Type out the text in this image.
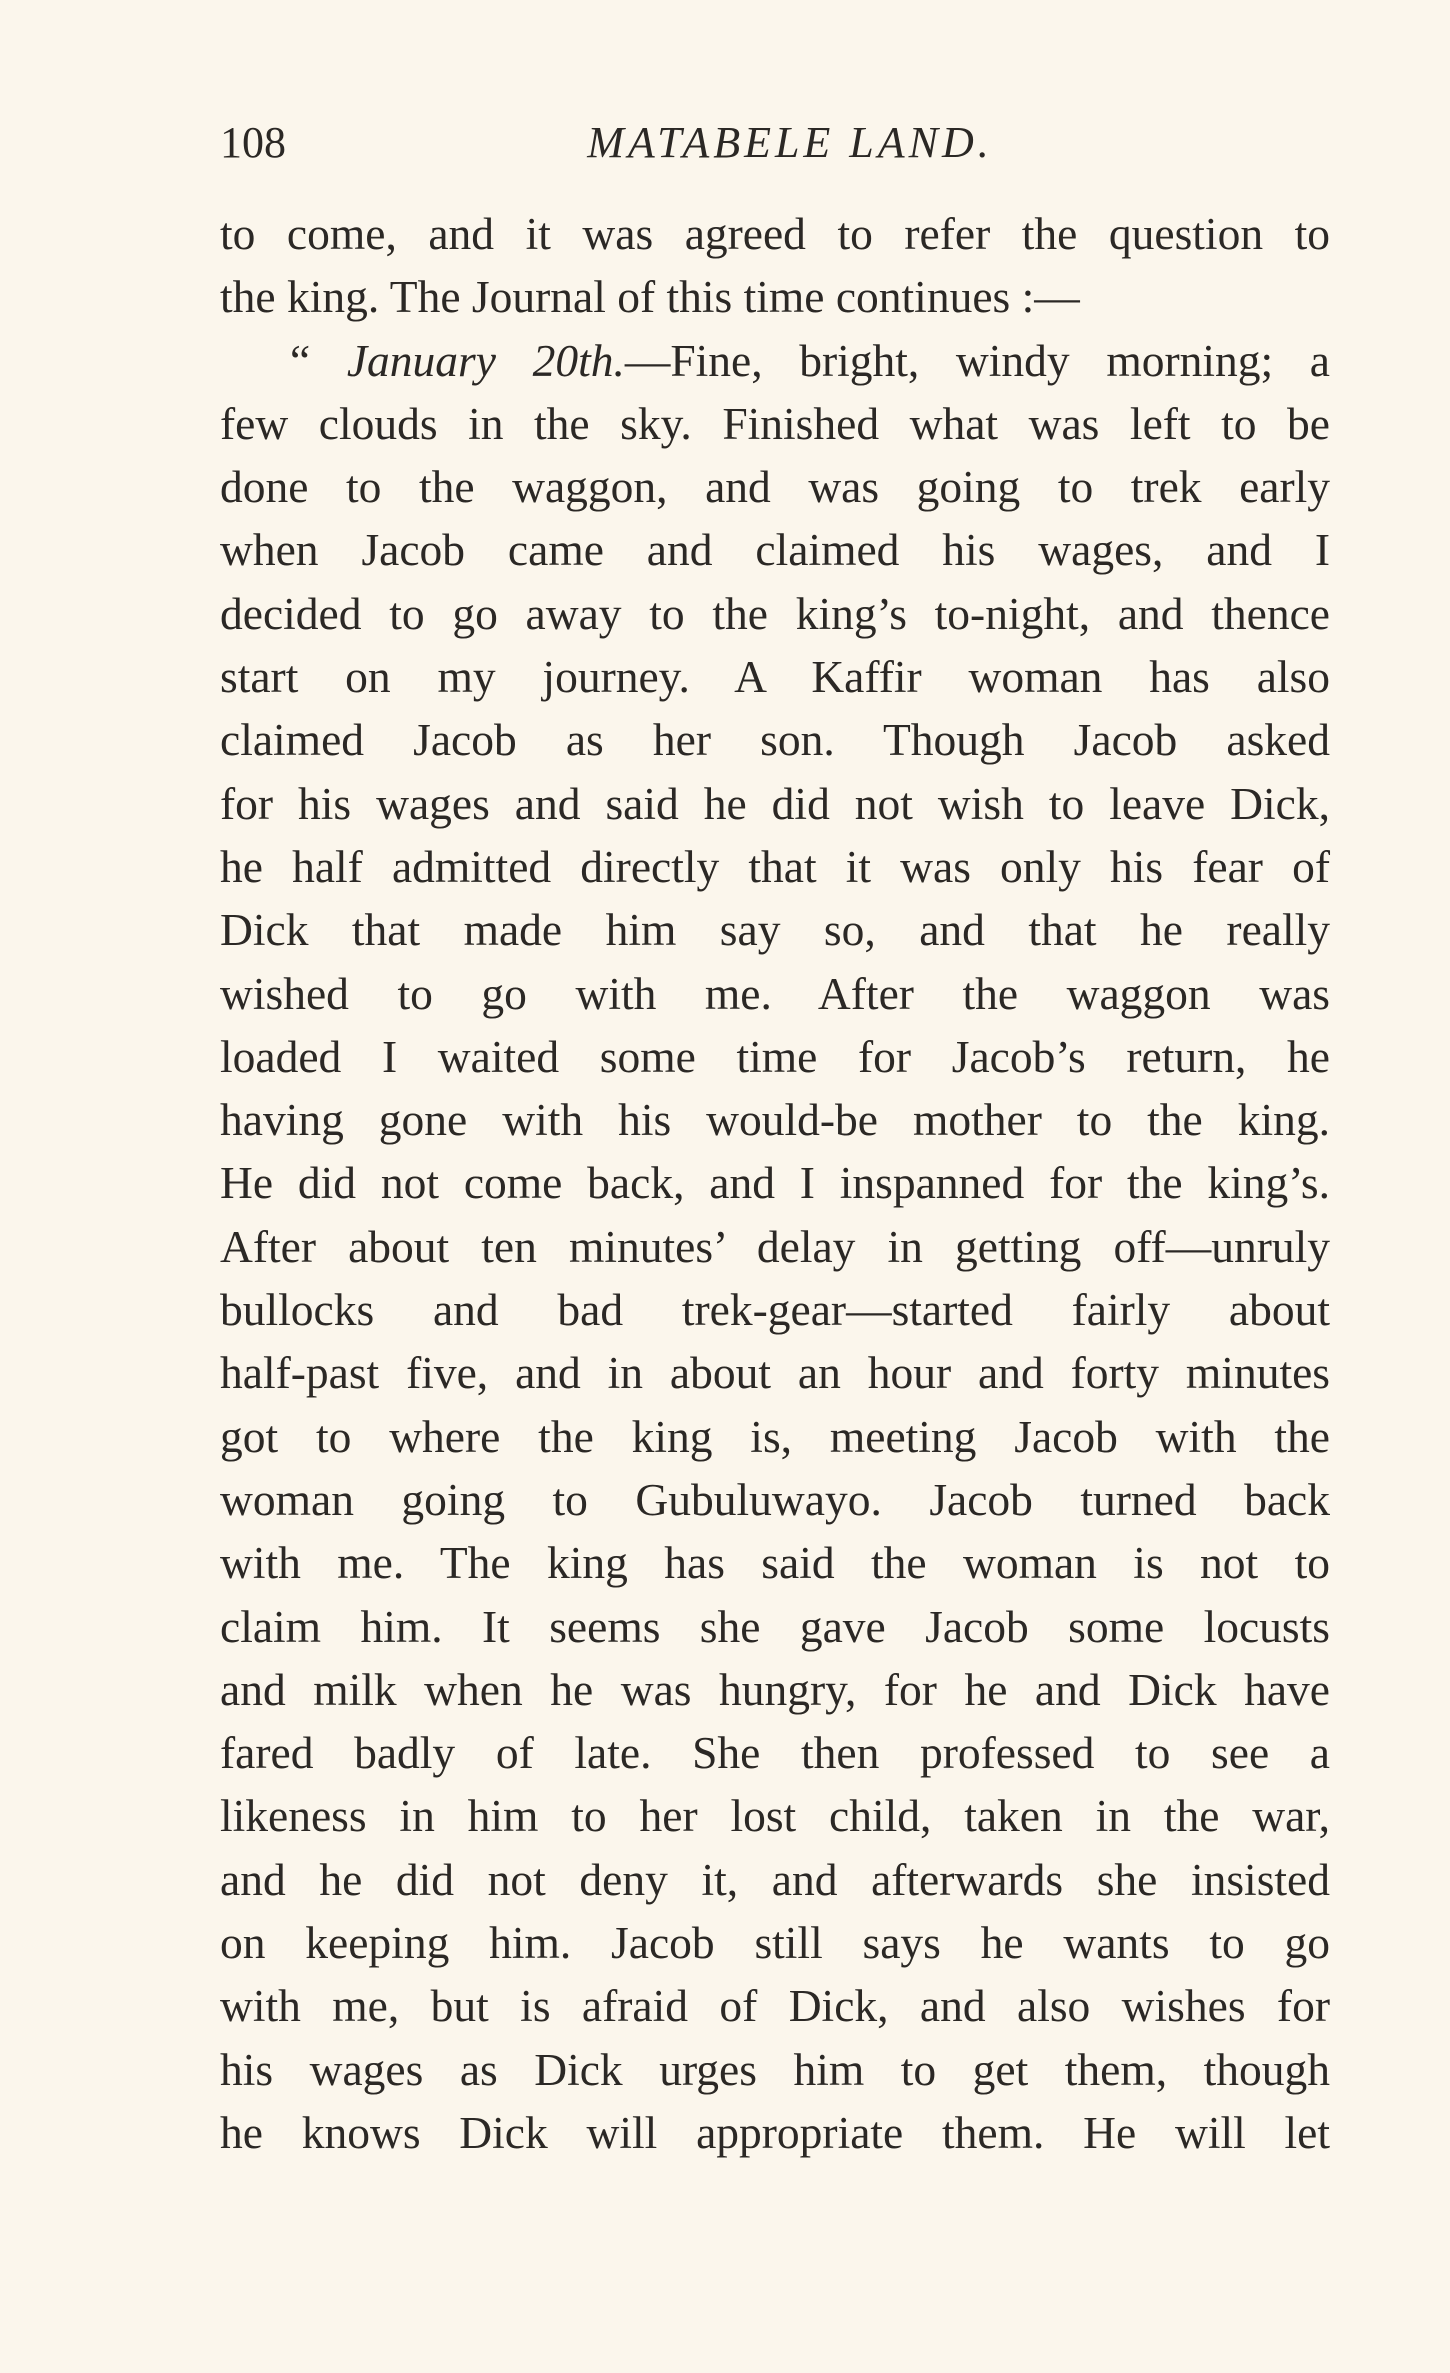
108	MATABELE LAND.
to come, and it was agreed to refer the question to
the king. The Journal of this time continues :—
“ January 20th.—Fine, bright, windy morning; a
few clouds in the sky. Finished what was left to be
done to the waggon, and was going to trek early
when Jacob came and claimed his wages, and I
decided to go away to the king’s to-night, and thence
start on my journey. A Kaffir woman has also
claimed Jacob as her son. Though Jacob asked
for his wages and said he did not wish to leave Dick,
he half admitted directly that it was only his fear of
Dick that made him say so, and that he really
wished to go with me. After the waggon was
loaded I waited some time for Jacob’s return, he
having gone with his would-be mother to the king.
He did not come back, and I inspanned for the king’s.
After about ten minutes’ delay in getting off—unruly
bullocks and bad trek-gear—started fairly about
half-past five, and in about an hour and forty minutes
got to where the king is, meeting Jacob with the
woman going to Gubuluwayo. Jacob turned back
with me. The king has said the woman is not to
claim him. It seems she gave Jacob some locusts
and milk when he was hungry, for he and Dick have
fared badly of late. She then professed to see a
likeness in him to her lost child, taken in the war,
and he did not deny it, and afterwards she insisted
on keeping him. Jacob still says he wants to go
with me, but is afraid of Dick, and also wishes for
his wages as Dick urges him to get them, though
he knows Dick will appropriate them. He will let
